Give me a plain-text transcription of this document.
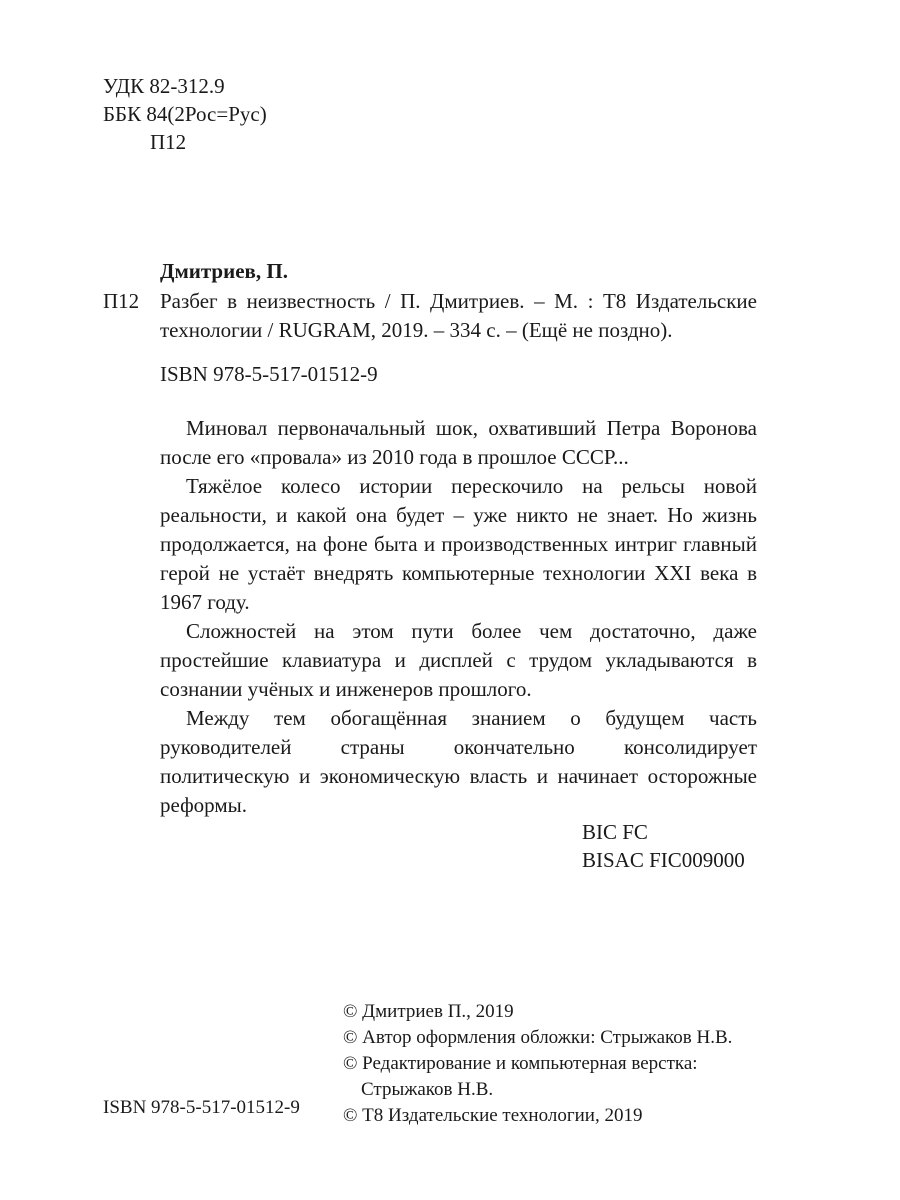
УДК 82-312.9
ББК 84(2Рос=Рус)
П12
Дмитриев, П.
П12 Разбег в неизвестность / П. Дмитриев. – М. : Т8 Издательские технологии / RUGRAM, 2019. – 334 с. – (Ещё не поздно).
ISBN 978-5-517-01512-9

Миновал первоначальный шок, охвативший Петра Воронова после его «провала» из 2010 года в прошлое СССР...

Тяжёлое колесо истории перескочило на рельсы новой реальности, и какой она будет – уже никто не знает. Но жизнь продолжается, на фоне быта и производственных интриг главный герой не устаёт внедрять компьютерные технологии XXI века в 1967 году.

Сложностей на этом пути более чем достаточно, даже простейшие клавиатура и дисплей с трудом укладываются в сознании учёных и инженеров прошлого.

Между тем обогащённая знанием о будущем часть руководителей страны окончательно консолидирует политическую и экономическую власть и начинает осторожные реформы.

BIC FC
BISAC FIC009000
© Дмитриев П., 2019
© Автор оформления обложки: Стрыжаков Н.В.
© Редактирование и компьютерная верстка:
Стрыжаков Н.В.
© Т8 Издательские технологии, 2019
ISBN 978-5-517-01512-9
